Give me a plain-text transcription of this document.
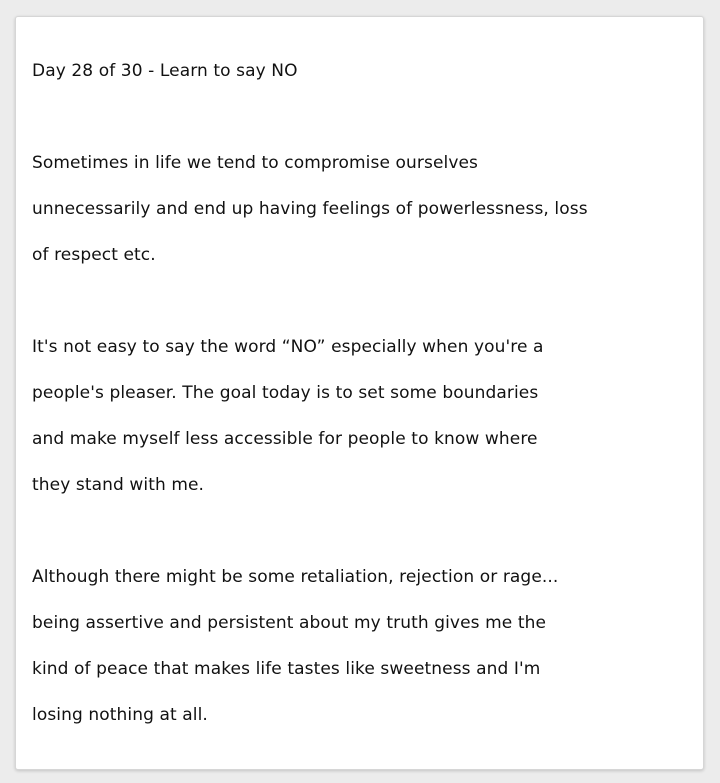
Day 28 of 30 - Learn to say NO

Sometimes in life we tend to compromise ourselves

unnecessarily and end up having feelings of powerlessness, loss

of respect etc.

It's not easy to say the word “NO” especially when you're a

people's pleaser. The goal today is to set some boundaries

and make myself less accessible for people to know where

they stand with me.

Although there might be some retaliation, rejection or rage...

being assertive and persistent about my truth gives me the

kind of peace that makes life tastes like sweetness and I'm

losing nothing at all.
